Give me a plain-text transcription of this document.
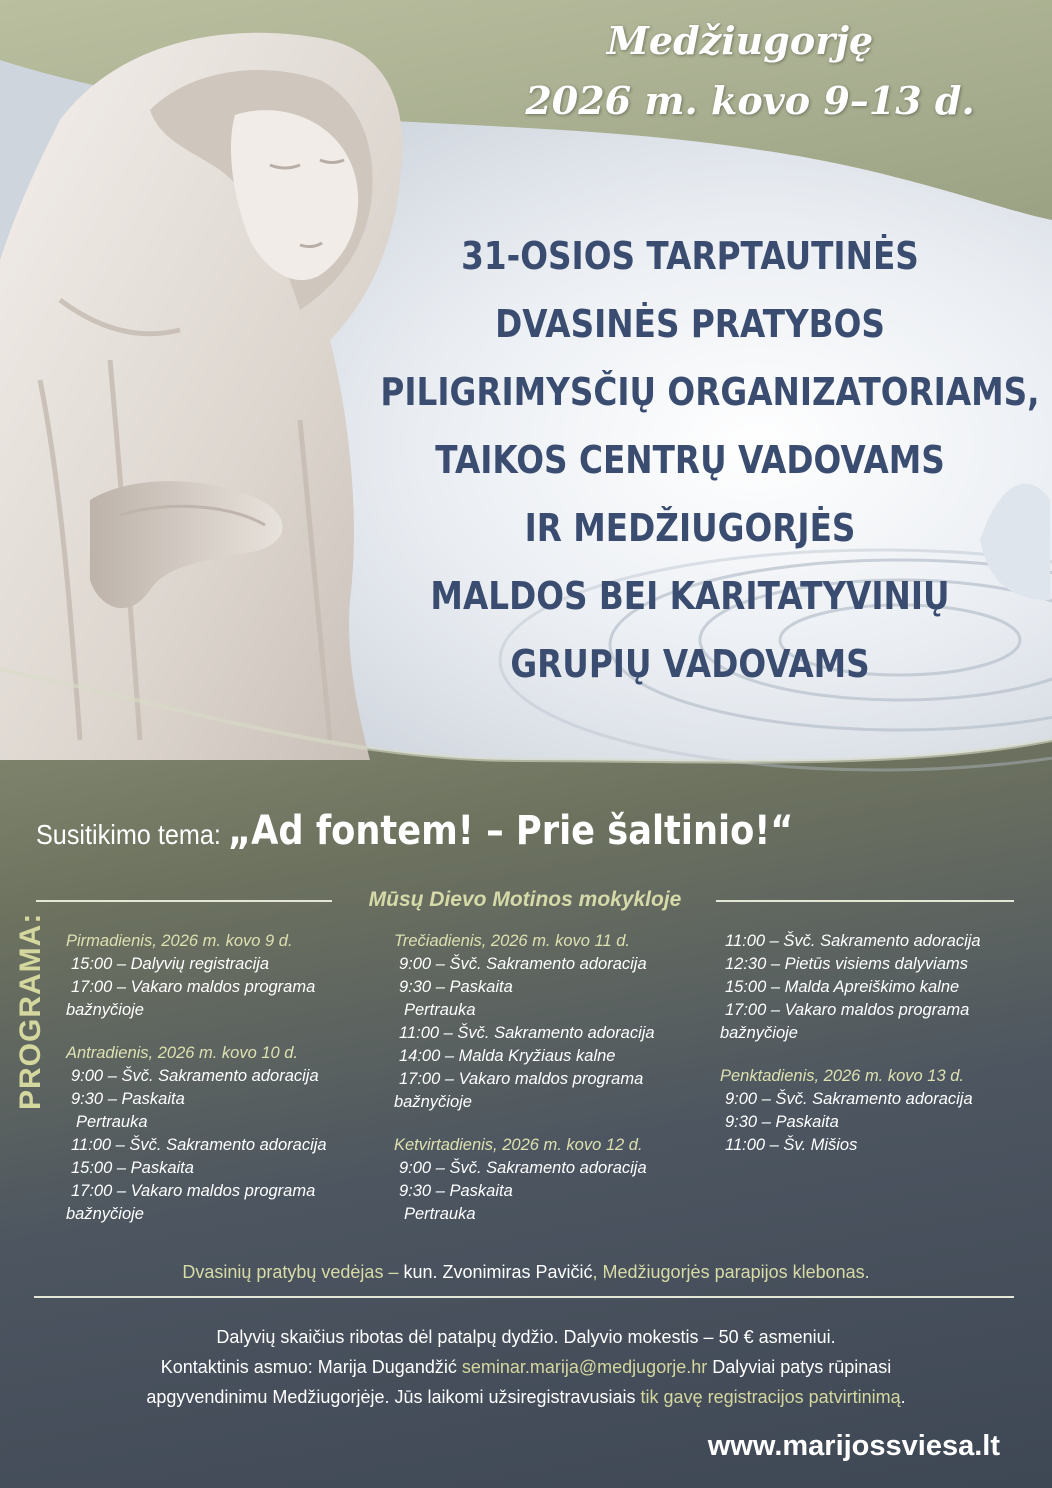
Medžiugorję
2026 m. kovo 9–13 d.
31-OSIOS TARPTAUTINĖS
DVASINĖS PRATYBOS
PILIGRIMYSČIŲ ORGANIZATORIAMS,
TAIKOS CENTRŲ VADOVAMS
IR MEDŽIUGORJĖS
MALDOS BEI KARITATYVINIŲ
GRUPIŲ VADOVAMS
Susitikimo tema: „Ad fontem! – Prie šaltinio!“
Mūsų Dievo Motinos mokykloje
PROGRAMA: Pirmadienis, 2026 m. kovo 9 d.
15:00 – Dalyvių registracija
17:00 – Vakaro maldos programa
bažnyčioje
Antradienis, 2026 m. kovo 10 d.
9:00 – Švč. Sakramento adoracija
9:30 – Paskaita
Pertrauka
11:00 – Švč. Sakramento adoracija
15:00 – Paskaita
17:00 – Vakaro maldos programa
bažnyčioje
Trečiadienis, 2026 m. kovo 11 d.
9:00 – Švč. Sakramento adoracija
9:30 – Paskaita
Pertrauka
11:00 – Švč. Sakramento adoracija
14:00 – Malda Kryžiaus kalne
17:00 – Vakaro maldos programa
bažnyčioje
Ketvirtadienis, 2026 m. kovo 12 d.
9:00 – Švč. Sakramento adoracija
9:30 – Paskaita
Pertrauka
11:00 – Švč. Sakramento adoracija
12:30 – Pietūs visiems dalyviams
15:00 – Malda Apreiškimo kalne
17:00 – Vakaro maldos programa
bažnyčioje
Penktadienis, 2026 m. kovo 13 d.
9:00 – Švč. Sakramento adoracija
9:30 – Paskaita
11:00 – Šv. Mišios
Dvasinių pratybų vedėjas – kun. Zvonimiras Pavičić, Medžiugorjės parapijos klebonas.
Dalyvių skaičius ribotas dėl patalpų dydžio. Dalyvio mokestis – 50 € asmeniui.
Kontaktinis asmuo: Marija Dugandžić seminar.marija@medjugorje.hr Dalyviai patys rūpinasi
apgyvendinimu Medžiugorjėje. Jūs laikomi užsiregistravusiais tik gavę registracijos patvirtinimą.
www.marijossviesa.lt
